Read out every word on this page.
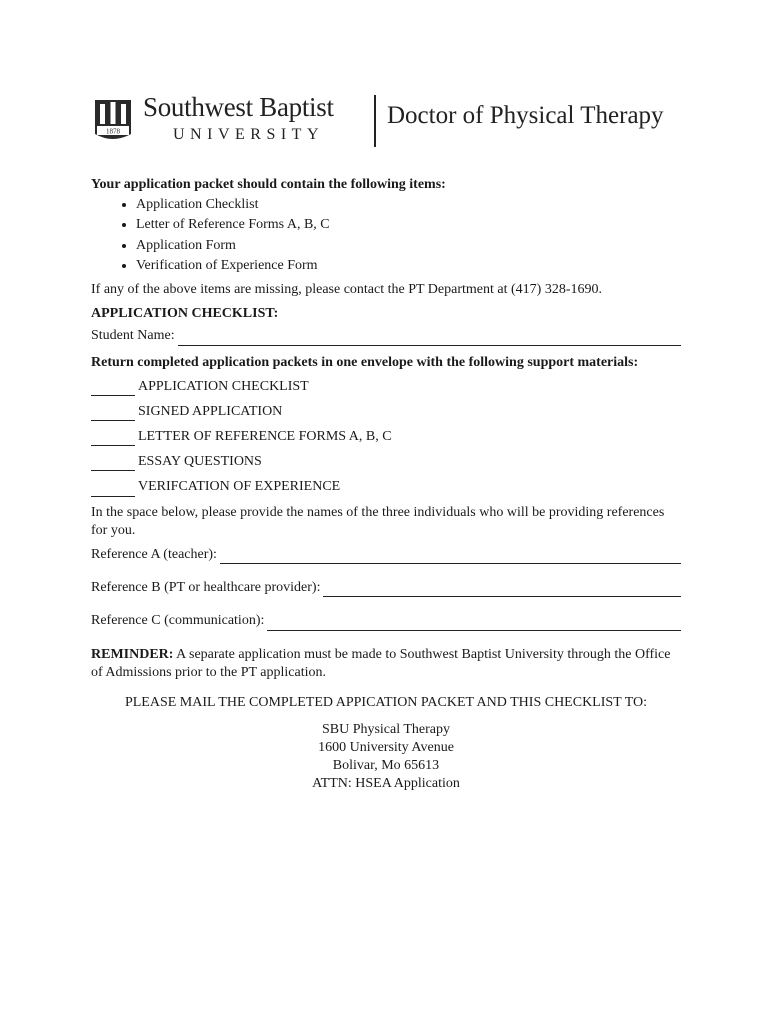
1878
Southwest Baptist
UNIVERSITY
Doctor of Physical Therapy

Your application packet should contain the following items:

• Application Checklist
• Letter of Reference Forms A, B, C
• Application Form
• Verification of Experience Form

If any of the above items are missing, please contact the PT Department at (417) 328-1690.

APPLICATION CHECKLIST:

Student Name:

Return completed application packets in one envelope with the following support materials:

APPLICATION CHECKLIST
SIGNED APPLICATION
LETTER OF REFERENCE FORMS A, B, C
ESSAY QUESTIONS
VERIFCATION OF EXPERIENCE

In the space below, please provide the names of the three individuals who will be providing references for you.

Reference A (teacher):
Reference B (PT or healthcare provider):
Reference C (communication):

REMINDER: A separate application must be made to Southwest Baptist University through the Office of Admissions prior to the PT application.

PLEASE MAIL THE COMPLETED APPICATION PACKET AND THIS CHECKLIST TO:

SBU Physical Therapy
1600 University Avenue
Bolivar, Mo 65613
ATTN: HSEA Application
